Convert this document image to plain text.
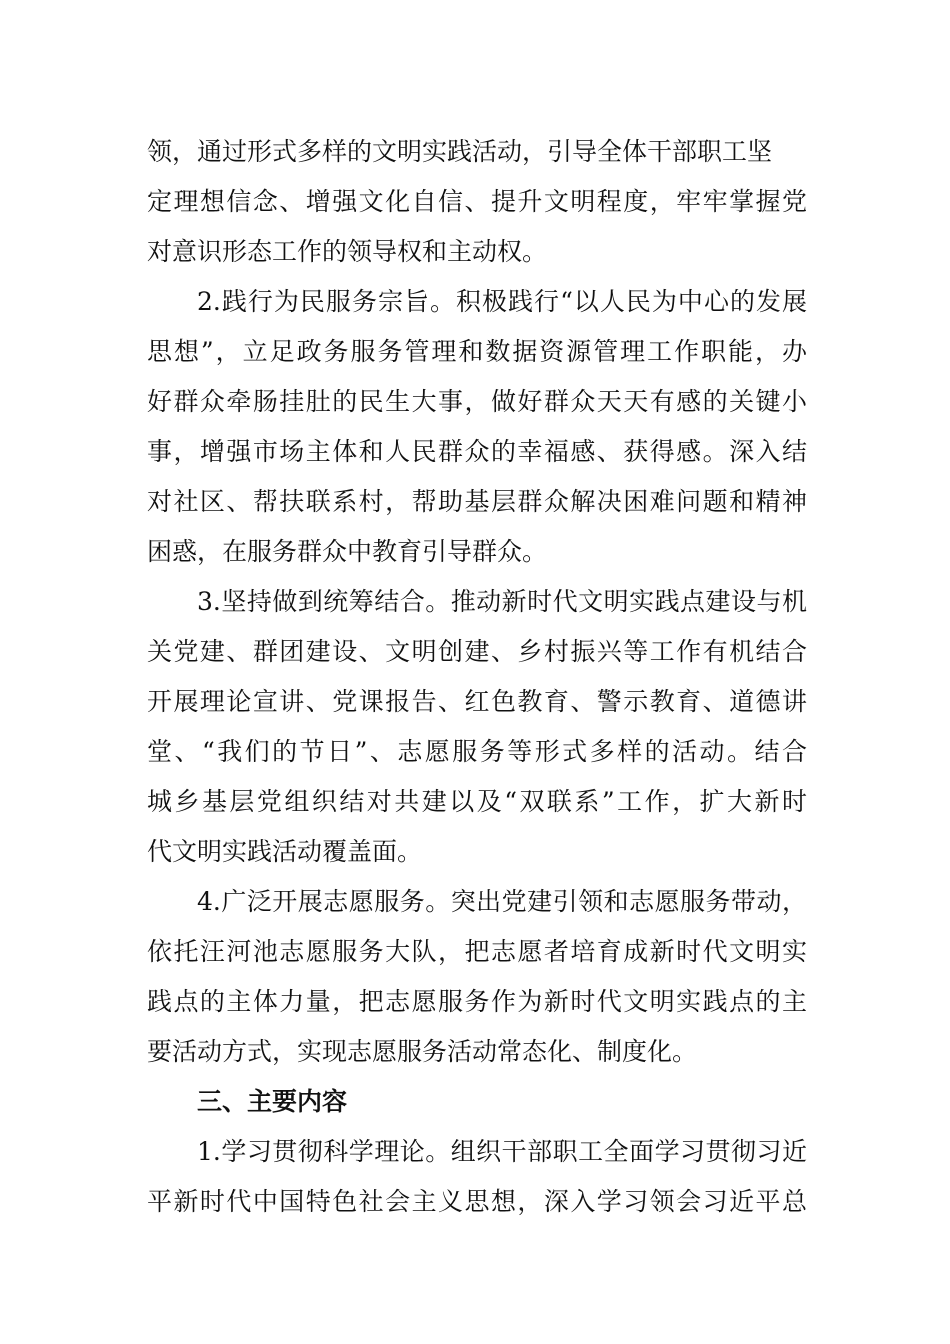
领，通过形式多样的文明实践活动，引导全体干部职工坚
定理想信念、增强文化自信、提升文明程度，牢牢掌握党
对意识形态工作的领导权和主动权。
2.践行为民服务宗旨。积极践行“以人民为中心的发展
思想”，立足政务服务管理和数据资源管理工作职能，办
好群众牵肠挂肚的民生大事，做好群众天天有感的关键小
事，增强市场主体和人民群众的幸福感、获得感。深入结
对社区、帮扶联系村，帮助基层群众解决困难问题和精神
困惑，在服务群众中教育引导群众。
3.坚持做到统筹结合。推动新时代文明实践点建设与机
关党建、群团建设、文明创建、乡村振兴等工作有机结合
开展理论宣讲、党课报告、红色教育、警示教育、道德讲
堂、“我们的节日”、志愿服务等形式多样的活动。结合
城乡基层党组织结对共建以及“双联系”工作，扩大新时
代文明实践活动覆盖面。
4.广泛开展志愿服务。突出党建引领和志愿服务带动，
依托汪河池志愿服务大队，把志愿者培育成新时代文明实
践点的主体力量，把志愿服务作为新时代文明实践点的主
要活动方式，实现志愿服务活动常态化、制度化。
三、主要内容
1.学习贯彻科学理论。组织干部职工全面学习贯彻习近
平新时代中国特色社会主义思想，深入学习领会习近平总
